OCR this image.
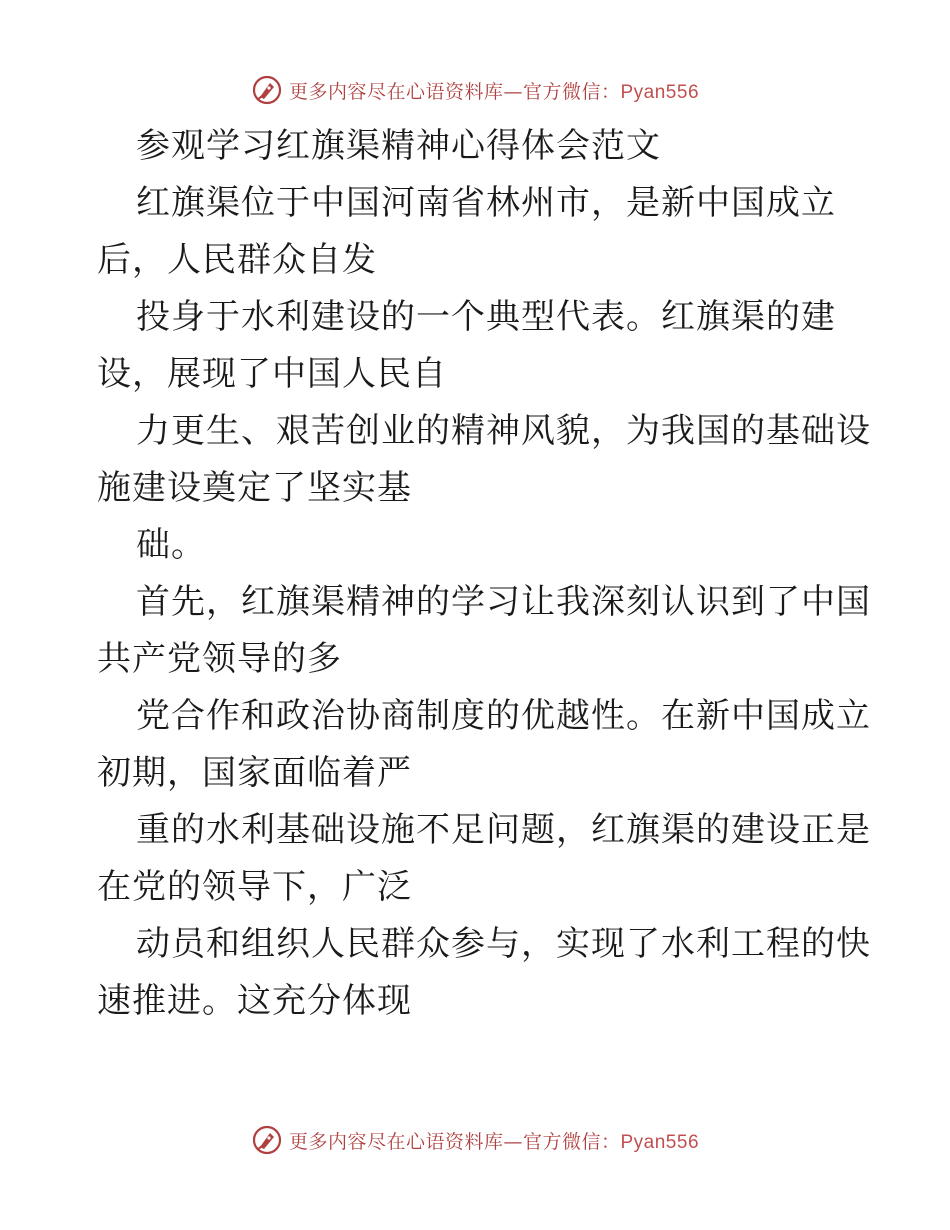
更多内容尽在心语资料库—官方微信：Pyan556
参观学习红旗渠精神心得体会范文
红旗渠位于中国河南省林州市，是新中国成立
后，人民群众自发
投身于水利建设的一个典型代表。红旗渠的建
设，展现了中国人民自
力更生、艰苦创业的精神风貌，为我国的基础设
施建设奠定了坚实基
础。
首先，红旗渠精神的学习让我深刻认识到了中国
共产党领导的多
党合作和政治协商制度的优越性。在新中国成立
初期，国家面临着严
重的水利基础设施不足问题，红旗渠的建设正是
在党的领导下，广泛
动员和组织人民群众参与，实现了水利工程的快
速推进。这充分体现
更多内容尽在心语资料库—官方微信：Pyan556
